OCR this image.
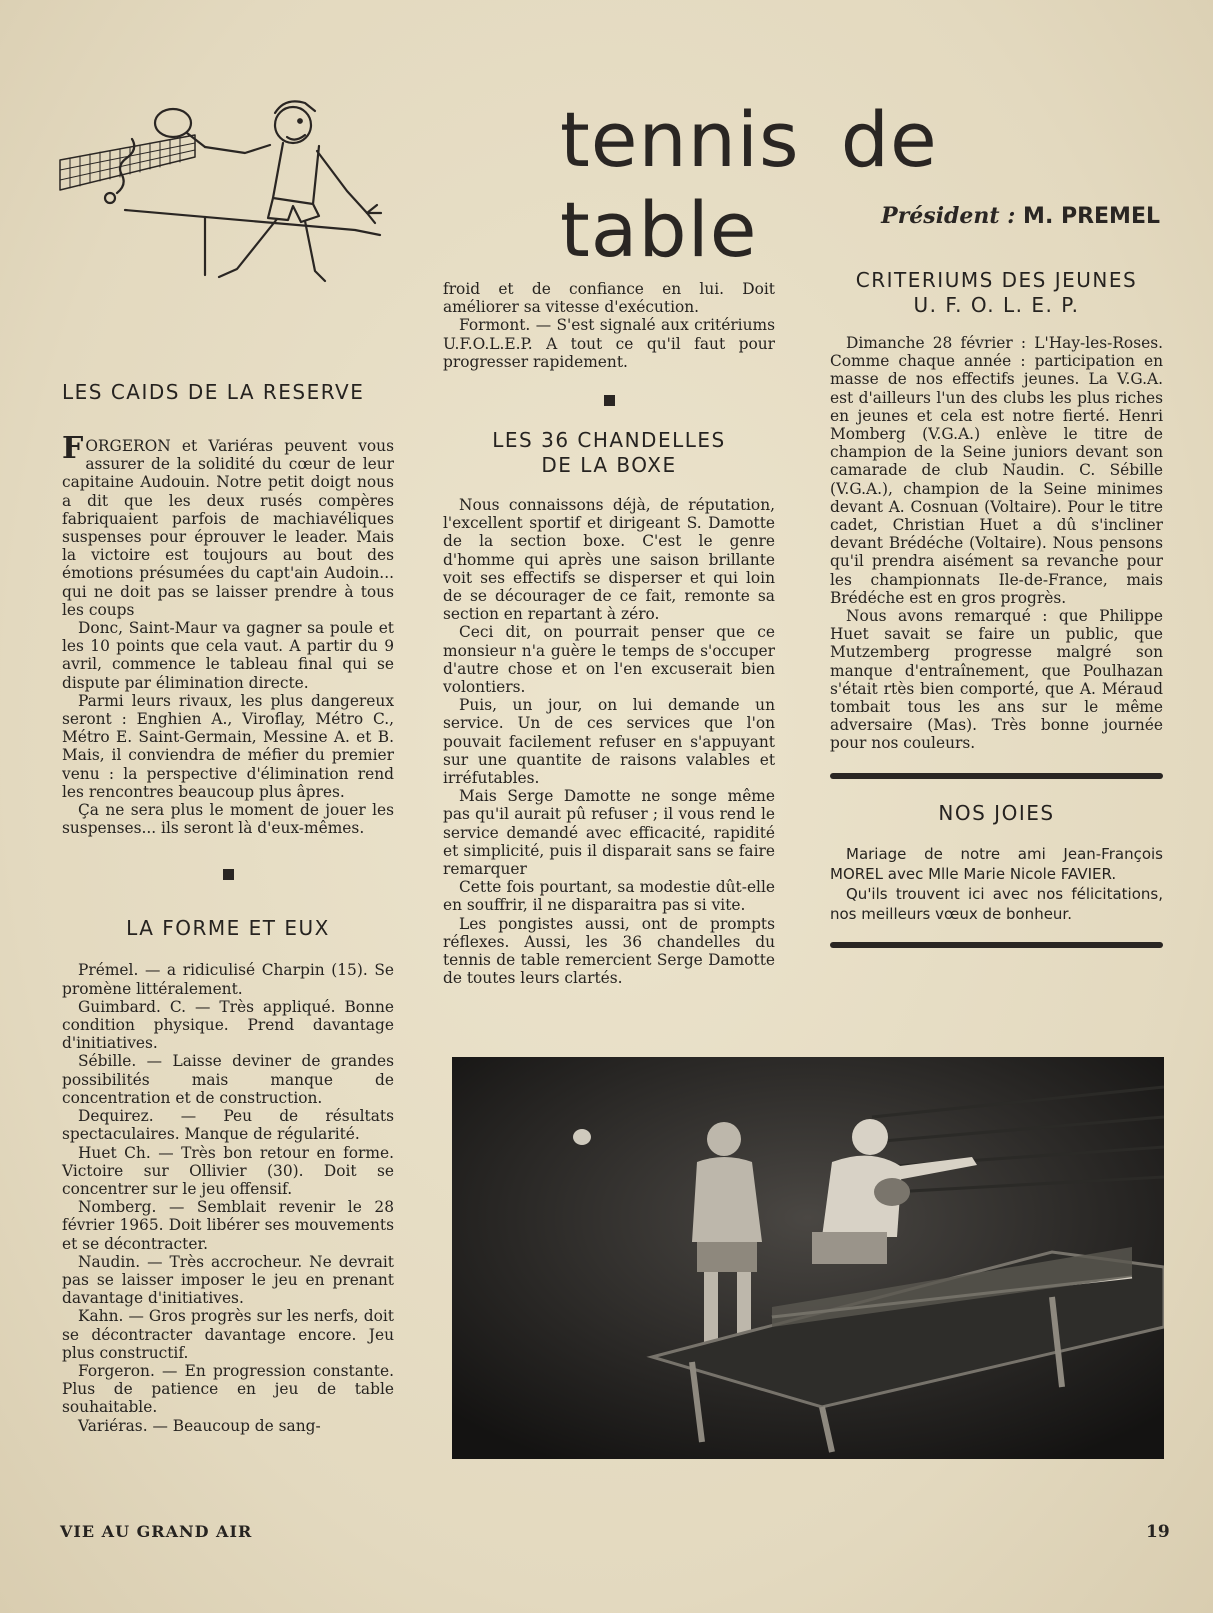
tennis de table	Président : M. PREMEL
LES CAIDS DE LA RESERVE

FORGERON et Variéras peuvent vous assurer de la solidité du cœur de leur capitaine Audouin. Notre petit doigt nous a dit que les deux rusés compères fabriquaient parfois de machiavéliques suspenses pour éprouver le leader. Mais la victoire est toujours au bout des émotions présumées du capt'ain Audoin... qui ne doit pas se laisser prendre à tous les coups

Donc, Saint-Maur va gagner sa poule et les 10 points que cela vaut. A partir du 9 avril, commence le tableau final qui se dispute par élimination directe.

Parmi leurs rivaux, les plus dangereux seront : Enghien A., Viroflay, Métro C., Métro E. Saint-Germain, Messine A. et B. Mais, il conviendra de méfier du premier venu : la perspective d'élimination rend les rencontres beaucoup plus âpres.

Ça ne sera plus le moment de jouer les suspenses... ils seront là d'eux-mêmes.

LA FORME ET EUX

Prémel. — a ridiculisé Charpin (15). Se promène littéralement.

Guimbard. C. — Très appliqué. Bonne condition physique. Prend davantage d'initiatives.

Sébille. — Laisse deviner de grandes possibilités mais manque de concentration et de construction.

Dequirez. — Peu de résultats spectaculaires. Manque de régularité.

Huet Ch. — Très bon retour en forme. Victoire sur Ollivier (30). Doit se concentrer sur le jeu offensif.

Nomberg. — Semblait revenir le 28 février 1965. Doit libérer ses mouvements et se décontracter.

Naudin. — Très accrocheur. Ne devrait pas se laisser imposer le jeu en prenant davantage d'initiatives.

Kahn. — Gros progrès sur les nerfs, doit se décontracter davantage encore. Jeu plus constructif.

Forgeron. — En progression constante. Plus de patience en jeu de table souhaitable.

Variéras. — Beaucoup de sang-

froid et de confiance en lui. Doit améliorer sa vitesse d'exécution.

Formont. — S'est signalé aux critériums U.F.O.L.E.P. A tout ce qu'il faut pour progresser rapidement.

LES 36 CHANDELLES
DE LA BOXE

Nous connaissons déjà, de réputation, l'excellent sportif et dirigeant S. Damotte de la section boxe. C'est le genre d'homme qui après une saison brillante voit ses effectifs se disperser et qui loin de se décourager de ce fait, remonte sa section en repartant à zéro.

Ceci dit, on pourrait penser que ce monsieur n'a guère le temps de s'occuper d'autre chose et on l'en excuserait bien volontiers.

Puis, un jour, on lui demande un service. Un de ces services que l'on pouvait facilement refuser en s'appuyant sur une quantite de raisons valables et irréfutables.

Mais Serge Damotte ne songe même pas qu'il aurait pû refuser ; il vous rend le service demandé avec efficacité, rapidité et simplicité, puis il disparait sans se faire remarquer

Cette fois pourtant, sa modestie dût-elle en souffrir, il ne disparaitra pas si vite.

Les pongistes aussi, ont de prompts réflexes. Aussi, les 36 chandelles du tennis de table remercient Serge Damotte de toutes leurs clartés.

CRITERIUMS DES JEUNES
U. F. O. L. E. P.

Dimanche 28 février : L'Hay-les-Roses. Comme chaque année : participation en masse de nos effectifs jeunes. La V.G.A. est d'ailleurs l'un des clubs les plus riches en jeunes et cela est notre fierté. Henri Momberg (V.G.A.) enlève le titre de champion de la Seine juniors devant son camarade de club Naudin. C. Sébille (V.G.A.), champion de la Seine minimes devant A. Cosnuan (Voltaire). Pour le titre cadet, Christian Huet a dû s'incliner devant Brédéche (Voltaire). Nous pensons qu'il prendra aisément sa revanche pour les championnats Ile-de-France, mais Brédéche est en gros progrès.

Nous avons remarqué : que Philippe Huet savait se faire un public, que Mutzemberg progresse malgré son manque d'entraînement, que Poulhazan s'était rtès bien comporté, que A. Méraud tombait tous les ans sur le même adversaire (Mas). Très bonne journée pour nos couleurs.

NOS JOIES

Mariage de notre ami Jean-François MOREL avec Mlle Marie Nicole FAVIER.

Qu'ils trouvent ici avec nos félicitations, nos meilleurs vœux de bonheur.

VIE AU GRAND AIR	19
